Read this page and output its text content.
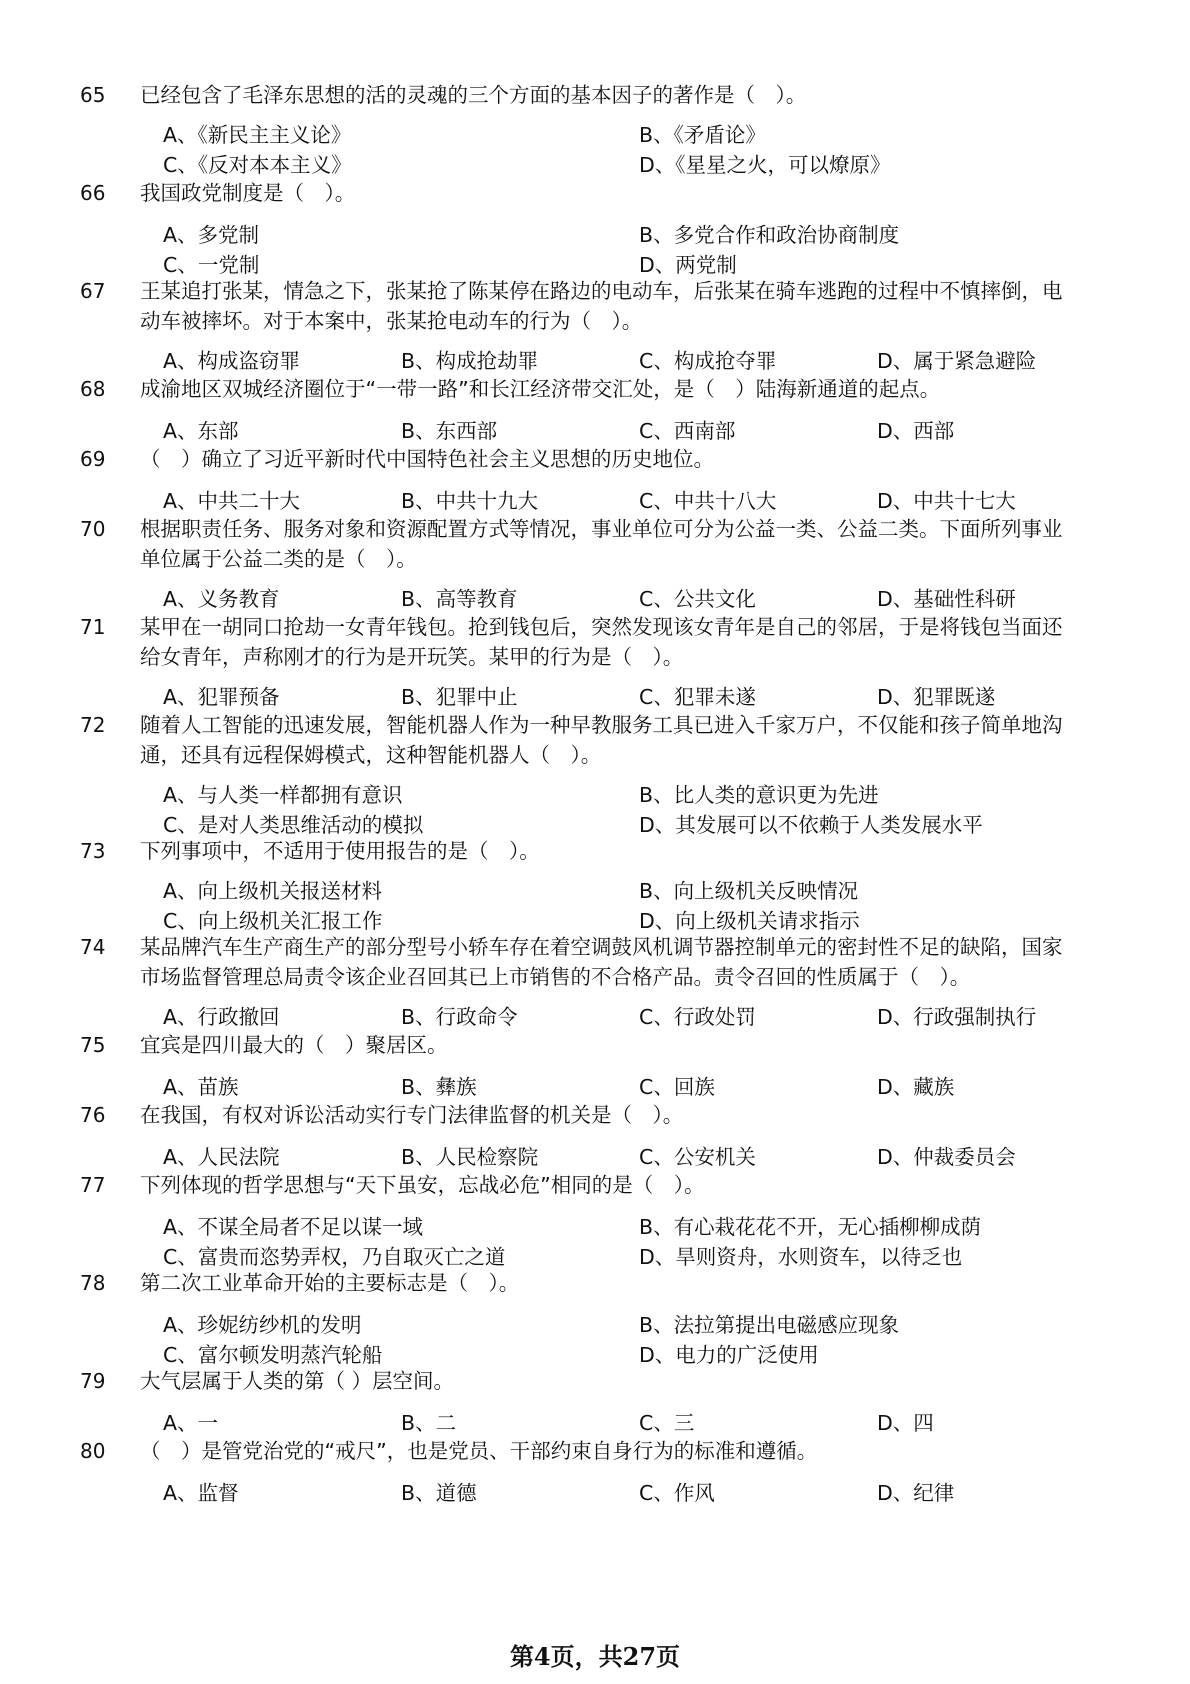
65	已经包含了毛泽东思想的活的灵魂的三个方面的基本因子的著作是（　）。
A、《新民主主义论》	B、《矛盾论》
C、《反对本本主义》	D、《星星之火，可以燎原》
66	我国政党制度是（　）。
A、多党制	B、多党合作和政治协商制度
C、一党制	D、两党制
67	王某追打张某，情急之下，张某抢了陈某停在路边的电动车，后张某在骑车逃跑的过程中不慎摔倒，电动车被摔坏。对于本案中，张某抢电动车的行为（　）。
A、构成盗窃罪	B、构成抢劫罪	C、构成抢夺罪	D、属于紧急避险
68	成渝地区双城经济圈位于“一带一路”和长江经济带交汇处，是（　）陆海新通道的起点。
A、东部	B、东西部	C、西南部	D、西部
69	（　）确立了习近平新时代中国特色社会主义思想的历史地位。
A、中共二十大	B、中共十九大	C、中共十八大	D、中共十七大
70	根据职责任务、服务对象和资源配置方式等情况，事业单位可分为公益一类、公益二类。下面所列事业单位属于公益二类的是（　）。
A、义务教育	B、高等教育	C、公共文化	D、基础性科研
71	某甲在一胡同口抢劫一女青年钱包。抢到钱包后，突然发现该女青年是自己的邻居，于是将钱包当面还给女青年，声称刚才的行为是开玩笑。某甲的行为是（　）。
A、犯罪预备	B、犯罪中止	C、犯罪未遂	D、犯罪既遂
72	随着人工智能的迅速发展，智能机器人作为一种早教服务工具已进入千家万户，不仅能和孩子简单地沟通，还具有远程保姆模式，这种智能机器人（　）。
A、与人类一样都拥有意识	B、比人类的意识更为先进
C、是对人类思维活动的模拟	D、其发展可以不依赖于人类发展水平
73	下列事项中，不适用于使用报告的是（　）。
A、向上级机关报送材料	B、向上级机关反映情况
C、向上级机关汇报工作	D、向上级机关请求指示
74	某品牌汽车生产商生产的部分型号小轿车存在着空调鼓风机调节器控制单元的密封性不足的缺陷，国家市场监督管理总局责令该企业召回其已上市销售的不合格产品。责令召回的性质属于（　）。
A、行政撤回	B、行政命令	C、行政处罚	D、行政强制执行
75	宜宾是四川最大的（　）聚居区。
A、苗族	B、彝族	C、回族	D、藏族
76	在我国，有权对诉讼活动实行专门法律监督的机关是（　）。
A、人民法院	B、人民检察院	C、公安机关	D、仲裁委员会
77	下列体现的哲学思想与“天下虽安，忘战必危”相同的是（　）。
A、不谋全局者不足以谋一域	B、有心栽花花不开，无心插柳柳成荫
C、富贵而恣势弄权，乃自取灭亡之道	D、旱则资舟，水则资车，以待乏也
78	第二次工业革命开始的主要标志是（　）。
A、珍妮纺纱机的发明	B、法拉第提出电磁感应现象
C、富尔顿发明蒸汽轮船	D、电力的广泛使用
79	大气层属于人类的第（ ）层空间。
A、一	B、二	C、三	D、四
80	（　）是管党治党的“戒尺”，也是党员、干部约束自身行为的标准和遵循。
A、监督	B、道德	C、作风	D、纪律
第4页，共27页
